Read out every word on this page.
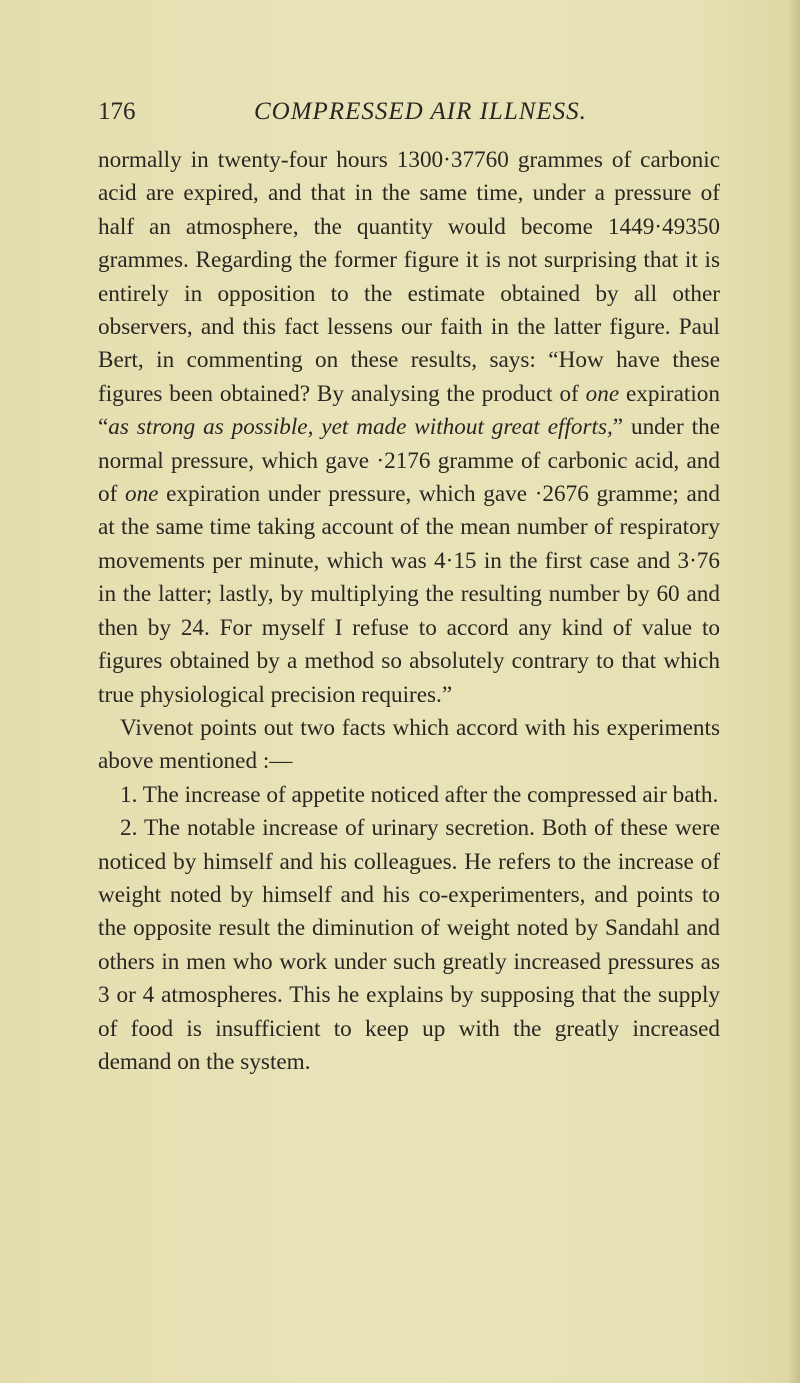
176	COMPRESSED AIR ILLNESS.

normally in twenty-four hours 1300·37760 grammes of carbonic acid are expired, and that in the same time, under a pressure of half an atmosphere, the quantity would become 1449·49350 grammes. Regarding the former figure it is not surprising that it is entirely in opposition to the estimate obtained by all other observers, and this fact lessens our faith in the latter figure. Paul Bert, in commenting on these results, says: “How have these figures been obtained? By analysing the product of one expiration “as strong as possible, yet made without great efforts,” under the normal pressure, which gave ·2176 gramme of carbonic acid, and of one expiration under pressure, which gave ·2676 gramme; and at the same time taking account of the mean number of respiratory movements per minute, which was 4·15 in the first case and 3·76 in the latter; lastly, by multiplying the resulting number by 60 and then by 24. For myself I refuse to accord any kind of value to figures obtained by a method so absolutely contrary to that which true physiological precision requires.”

Vivenot points out two facts which accord with his experiments above mentioned :—

1. The increase of appetite noticed after the compressed air bath.

2. The notable increase of urinary secretion. Both of these were noticed by himself and his colleagues. He refers to the increase of weight noted by himself and his co-experimenters, and points to the opposite result the diminution of weight noted by Sandahl and others in men who work under such greatly increased pressures as 3 or 4 atmospheres. This he explains by supposing that the supply of food is insufficient to keep up with the greatly increased demand on the system.
